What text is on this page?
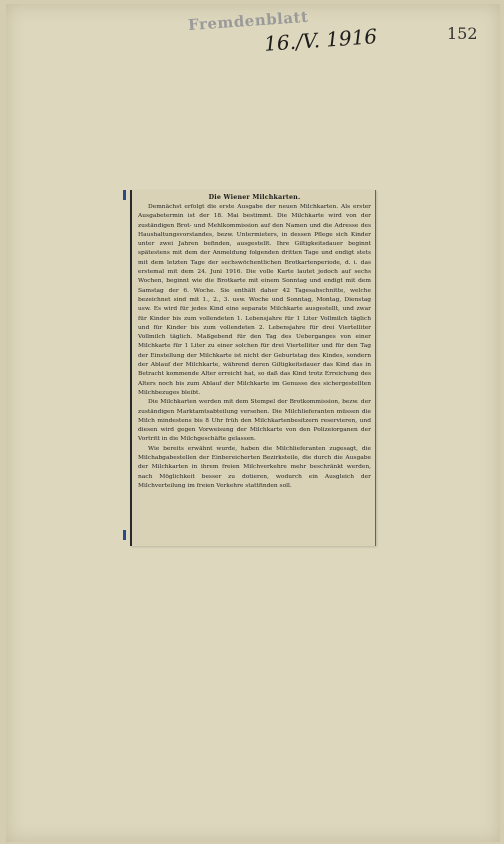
Fremdenblatt
16./V. 1916	152
Die Wiener Milchkarten.

Demnächst erfolgt die erste Ausgabe der neuen Milchkarten. Als erster Ausgabetermin ist der 18. Mai bestimmt. Die Milchkarte wird von der zuständigen Brot- und Mehlkommission auf den Namen und die Adresse des Haushaltungsvorstandes, bezw. Untermieters, in dessen Pflege sich Kinder unter zwei Jahren befinden, ausgestellt. Ihre Giltigkeitsdauer beginnt spätestens mit dem der Anmeldung folgenden dritten Tage und endigt stets mit dem letzten Tage der sechswöchentlichen Brotkartenperiode, d. i. das erstemal mit dem 24. Juni 1916. Die volle Karte lautet jedoch auf sechs Wochen, beginnt wie die Brotkarte mit einem Sonntag und endigt mit dem Samstag der 6. Woche. Sie enthält daher 42 Tagesabschnitte, welche bezeichnet sind mit 1., 2., 3. usw. Woche und Sonntag, Montag, Dienstag usw. Es wird für jedes Kind eine separate Milchkarte ausgestellt, und zwar für Kinder bis zum vollendeten 1. Lebensjahre für 1 Liter Vollmilch täglich und für Kinder bis zum vollendeten 2. Lebensjahre für drei Viertelliter Vollmilch täglich. Maßgebend für den Tag des Ueberganges von einer Milchkarte für 1 Liter zu einer solchen für drei Viertelliter und für den Tag der Einstellung der Milchkarte ist nicht der Geburtstag des Kindes, sondern der Ablauf der Milchkarte, während deren Giltigkeitsdauer das Kind das in Betracht kommende Alter erreicht hat, so daß das Kind trotz Erreichung des Alters noch bis zum Ablauf der Milchkarte im Genusse des sichergestellten Milchbezuges bleibt.

Die Milchkarten werden mit dem Stempel der Brotkommission, bezw. der zuständigen Marktamtsabteilung versehen. Die Milchlieferanten müssen die Milch mindestens bis 8 Uhr früh den Milchkartenbesitzern reservieren, und diesen wird gegen Vorweisung der Milchkarte von den Polizeiorganen der Vortritt in die Milchgeschäfte gelassen.

Wie bereits erwähnt wurde, haben die Milchlieferanten zugesagt, die Milchabgabestellen der Einbereicherten Bezirksteile, die durch die Ausgabe der Milchkarten in ihrem freien Milchverkehre mehr beschränkt werden, nach Möglichkeit besser zu dotieren, wodurch ein Ausgleich der Milchverteilung im freien Verkehre stattfinden soll.
